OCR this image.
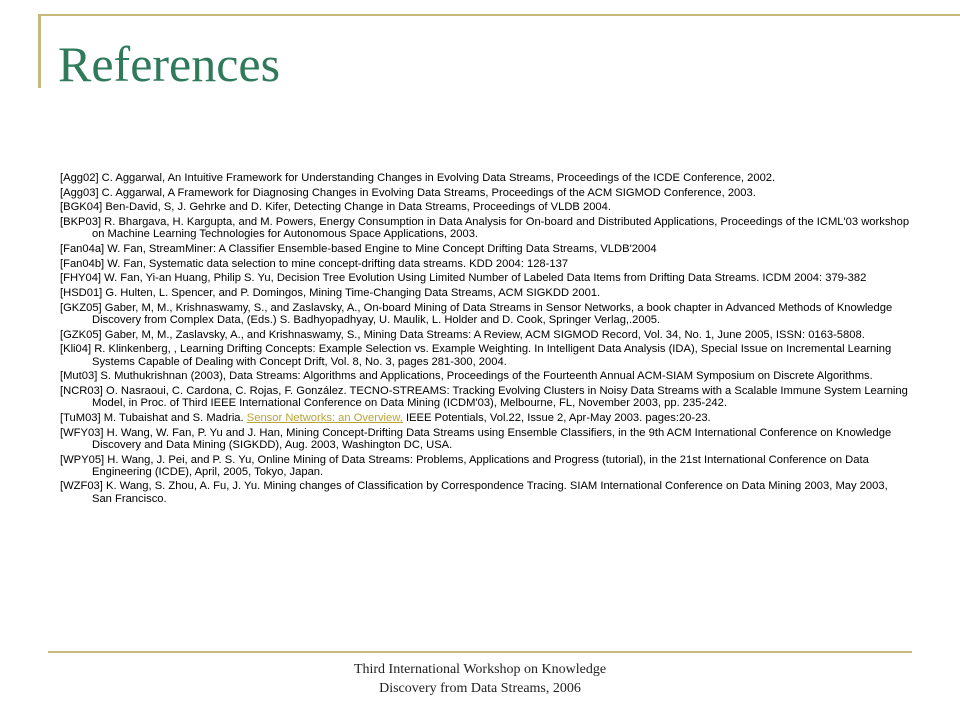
References
[Agg02] C. Aggarwal, An Intuitive Framework for Understanding Changes in Evolving Data Streams, Proceedings of the ICDE Conference, 2002.
[Agg03] C. Aggarwal, A Framework for Diagnosing Changes in Evolving Data Streams, Proceedings of the ACM SIGMOD Conference, 2003.
[BGK04] Ben-David, S, J. Gehrke and D. Kifer, Detecting Change in Data Streams, Proceedings of VLDB 2004.
[BKP03] R. Bhargava, H. Kargupta, and M. Powers, Energy Consumption in Data Analysis for On-board and Distributed Applications, Proceedings of the ICML'03 workshop on Machine Learning Technologies for Autonomous Space Applications, 2003.
[Fan04a] W. Fan, StreamMiner: A Classifier Ensemble-based Engine to Mine Concept Drifting Data Streams, VLDB'2004
[Fan04b] W. Fan, Systematic data selection to mine concept-drifting data streams. KDD 2004: 128-137
[FHY04] W. Fan, Yi-an Huang, Philip S. Yu, Decision Tree Evolution Using Limited Number of Labeled Data Items from Drifting Data Streams. ICDM 2004: 379-382
[HSD01] G. Hulten, L. Spencer, and P. Domingos, Mining Time-Changing Data Streams, ACM SIGKDD 2001.
[GKZ05] Gaber, M, M., Krishnaswamy, S., and Zaslavsky, A., On-board Mining of Data Streams in Sensor Networks, a book chapter in Advanced Methods of Knowledge Discovery from Complex Data, (Eds.) S. Badhyopadhyay, U. Maulik, L. Holder and D. Cook, Springer Verlag,.2005.
[GZK05] Gaber, M, M., Zaslavsky, A., and Krishnaswamy, S., Mining Data Streams: A Review, ACM SIGMOD Record, Vol. 34, No. 1, June 2005, ISSN: 0163-5808.
[Kli04] R. Klinkenberg, , Learning Drifting Concepts: Example Selection vs. Example Weighting. In Intelligent Data Analysis (IDA), Special Issue on Incremental Learning Systems Capable of Dealing with Concept Drift, Vol. 8, No. 3, pages 281-300, 2004.
[Mut03] S. Muthukrishnan (2003), Data Streams: Algorithms and Applications, Proceedings of the Fourteenth Annual ACM-SIAM Symposium on Discrete Algorithms.
[NCR03] O. Nasraoui, C. Cardona, C. Rojas, F. González. TECNO-STREAMS: Tracking Evolving Clusters in Noisy Data Streams with a Scalable Immune System Learning Model, in Proc. of Third IEEE International Conference on Data Mining (ICDM'03), Melbourne, FL, November 2003, pp. 235-242.
[TuM03] M. Tubaishat and S. Madria. Sensor Networks: an Overview, IEEE Potentials, Vol.22, Issue 2, Apr-May 2003. pages:20-23.
[WFY03] H. Wang, W. Fan, P. Yu and J. Han, Mining Concept-Drifting Data Streams using Ensemble Classifiers, in the 9th ACM International Conference on Knowledge Discovery and Data Mining (SIGKDD), Aug. 2003, Washington DC, USA.
[WPY05] H. Wang, J. Pei, and P. S. Yu, Online Mining of Data Streams: Problems, Applications and Progress (tutorial), in the 21st International Conference on Data Engineering (ICDE), April, 2005, Tokyo, Japan.
[WZF03] K. Wang, S. Zhou, A. Fu, J. Yu. Mining changes of Classification by Correspondence Tracing. SIAM International Conference on Data Mining 2003, May 2003, San Francisco.
Third International Workshop on Knowledge
Discovery from Data Streams, 2006
